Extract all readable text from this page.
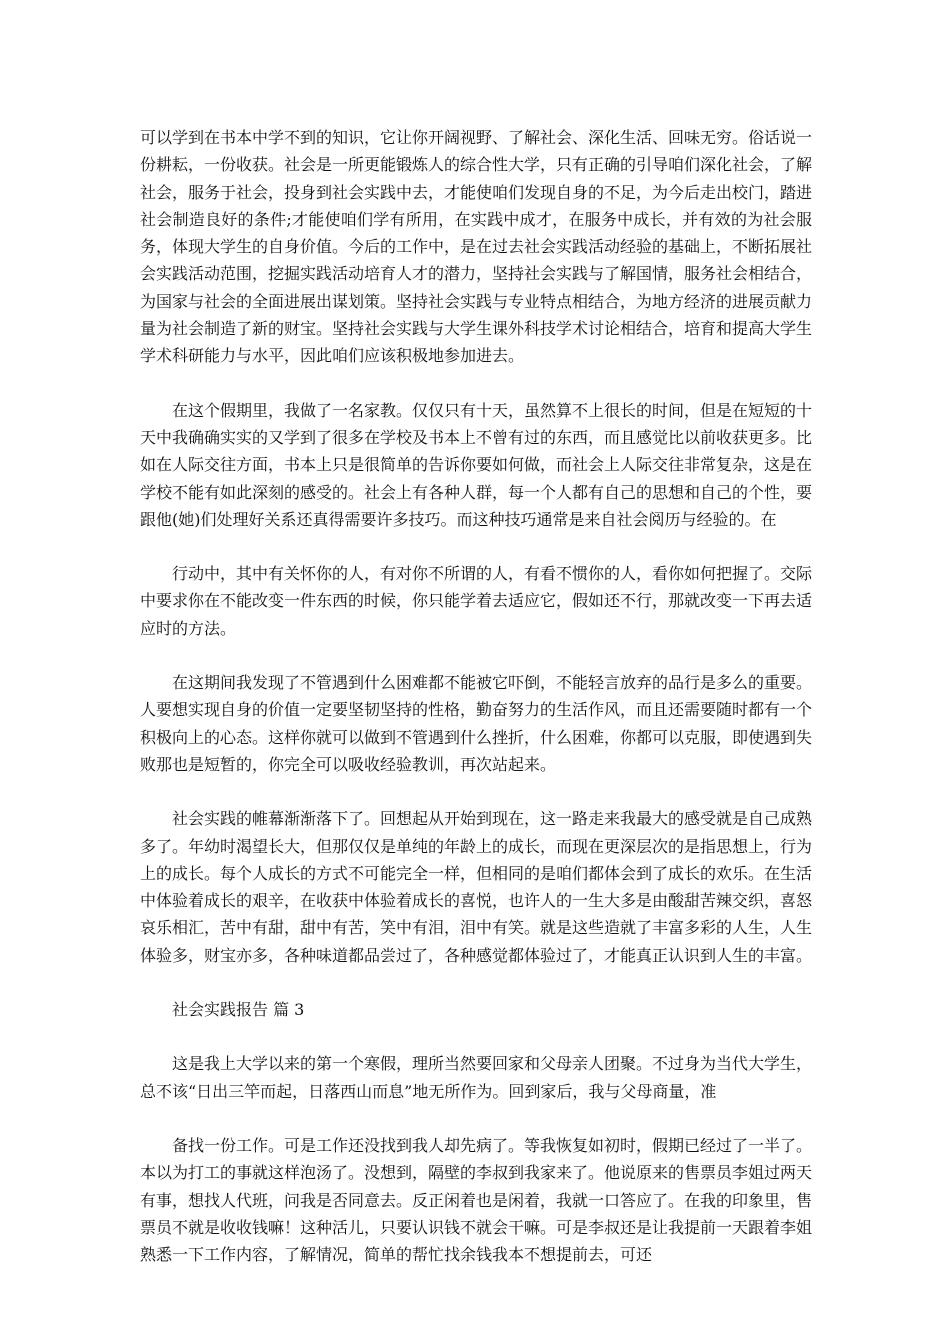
可以学到在书本中学不到的知识，它让你开阔视野、了解社会、深化生活、回味无穷。俗话说一份耕耘，一份收获。社会是一所更能锻炼人的综合性大学，只有正确的引导咱们深化社会，了解社会，服务于社会，投身到社会实践中去，才能使咱们发现自身的不足，为今后走出校门，踏进社会制造良好的条件;才能使咱们学有所用，在实践中成才，在服务中成长，并有效的为社会服务，体现大学生的自身价值。今后的工作中，是在过去社会实践活动经验的基础上，不断拓展社会实践活动范围，挖掘实践活动培育人才的潜力，坚持社会实践与了解国情，服务社会相结合，为国家与社会的全面进展出谋划策。坚持社会实践与专业特点相结合，为地方经济的进展贡献力量为社会制造了新的财宝。坚持社会实践与大学生课外科技学术讨论相结合，培育和提高大学生学术科研能力与水平，因此咱们应该积极地参加进去。

在这个假期里，我做了一名家教。仅仅只有十天，虽然算不上很长的时间，但是在短短的十天中我确确实实的又学到了很多在学校及书本上不曾有过的东西，而且感觉比以前收获更多。比如在人际交往方面，书本上只是很简单的告诉你要如何做，而社会上人际交往非常复杂，这是在学校不能有如此深刻的感受的。社会上有各种人群，每一个人都有自己的思想和自己的个性，要跟他(她)们处理好关系还真得需要许多技巧。而这种技巧通常是来自社会阅历与经验的。在

行动中，其中有关怀你的人，有对你不所谓的人，有看不惯你的人，看你如何把握了。交际中要求你在不能改变一件东西的时候，你只能学着去适应它，假如还不行，那就改变一下再去适应时的方法。

在这期间我发现了不管遇到什么困难都不能被它吓倒，不能轻言放弃的品行是多么的重要。人要想实现自身的价值一定要坚韧坚持的性格，勤奋努力的生活作风，而且还需要随时都有一个积极向上的心态。这样你就可以做到不管遇到什么挫折，什么困难，你都可以克服，即使遇到失败那也是短暂的，你完全可以吸收经验教训，再次站起来。

社会实践的帷幕渐渐落下了。回想起从开始到现在，这一路走来我最大的感受就是自己成熟多了。年幼时渴望长大，但那仅仅是单纯的年龄上的成长，而现在更深层次的是指思想上，行为上的成长。每个人成长的方式不可能完全一样，但相同的是咱们都体会到了成长的欢乐。在生活中体验着成长的艰辛，在收获中体验着成长的喜悦，也许人的一生大多是由酸甜苦辣交织，喜怒哀乐相汇，苦中有甜，甜中有苦，笑中有泪，泪中有笑。就是这些造就了丰富多彩的人生，人生体验多，财宝亦多，各种味道都品尝过了，各种感觉都体验过了，才能真正认识到人生的丰富。

社会实践报告 篇 3

这是我上大学以来的第一个寒假，理所当然要回家和父母亲人团聚。不过身为当代大学生，总不该“日出三竿而起，日落西山而息”地无所作为。回到家后，我与父母商量，准

备找一份工作。可是工作还没找到我人却先病了。等我恢复如初时，假期已经过了一半了。本以为打工的事就这样泡汤了。没想到，隔壁的李叔到我家来了。他说原来的售票员李姐过两天有事，想找人代班，问我是否同意去。反正闲着也是闲着，我就一口答应了。在我的印象里，售票员不就是收收钱嘛！这种活儿，只要认识钱不就会干嘛。可是李叔还是让我提前一天跟着李姐熟悉一下工作内容，了解情况，简单的帮忙找余钱我本不想提前去，可还
